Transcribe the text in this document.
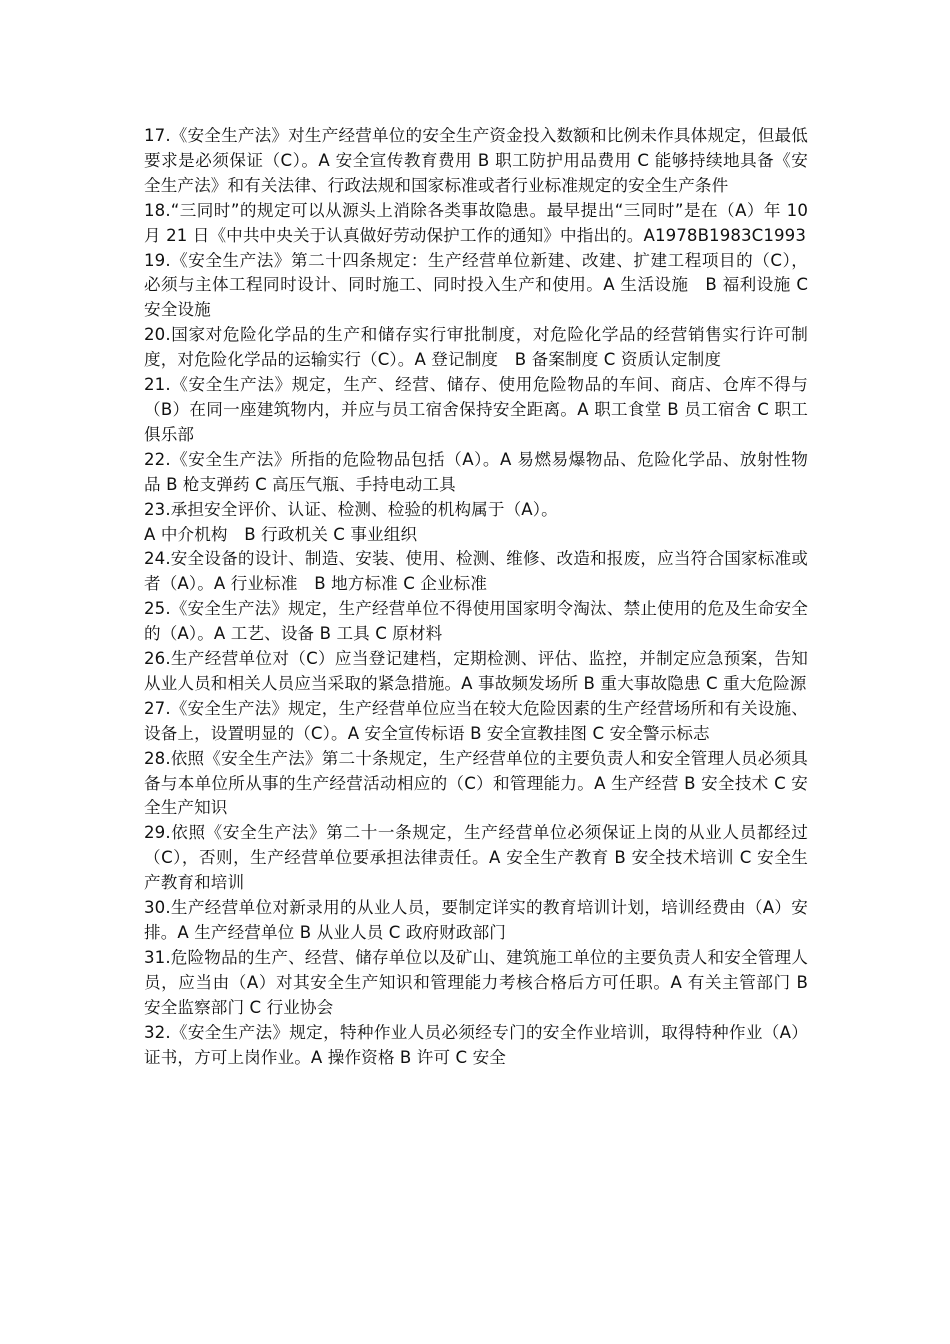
17.《安全生产法》对生产经营单位的安全生产资金投入数额和比例未作具体规定，但最低要求是必须保证（C）。A 安全宣传教育费用 B 职工防护用品费用 C 能够持续地具备《安全生产法》和有关法律、行政法规和国家标准或者行业标准规定的安全生产条件

18.“三同时”的规定可以从源头上消除各类事故隐患。最早提出“三同时”是在（A）年 10 月 21 日《中共中央关于认真做好劳动保护工作的通知》中指出的。A1978B1983C1993

19.《安全生产法》第二十四条规定：生产经营单位新建、改建、扩建工程项目的（C），必须与主体工程同时设计、同时施工、同时投入生产和使用。A 生活设施　B 福利设施 C 安全设施

20.国家对危险化学品的生产和储存实行审批制度，对危险化学品的经营销售实行许可制度，对危险化学品的运输实行（C）。A 登记制度　B 备案制度 C 资质认定制度

21.《安全生产法》规定，生产、经营、储存、使用危险物品的车间、商店、仓库不得与（B）在同一座建筑物内，并应与员工宿舍保持安全距离。A 职工食堂 B 员工宿舍 C 职工俱乐部

22.《安全生产法》所指的危险物品包括（A）。A 易燃易爆物品、危险化学品、放射性物品 B 枪支弹药 C 高压气瓶、手持电动工具

23.承担安全评价、认证、检测、检验的机构属于（A）。

A 中介机构　B 行政机关 C 事业组织

24.安全设备的设计、制造、安装、使用、检测、维修、改造和报废，应当符合国家标准或者（A）。A 行业标准　B 地方标准 C 企业标准

25.《安全生产法》规定，生产经营单位不得使用国家明令淘汰、禁止使用的危及生命安全的（A）。A 工艺、设备 B 工具 C 原材料

26.生产经营单位对（C）应当登记建档，定期检测、评估、监控，并制定应急预案，告知从业人员和相关人员应当采取的紧急措施。A 事故频发场所 B 重大事故隐患 C 重大危险源

27.《安全生产法》规定，生产经营单位应当在较大危险因素的生产经营场所和有关设施、设备上，设置明显的（C）。A 安全宣传标语 B 安全宣教挂图 C 安全警示标志

28.依照《安全生产法》第二十条规定，生产经营单位的主要负责人和安全管理人员必须具备与本单位所从事的生产经营活动相应的（C）和管理能力。A 生产经营 B 安全技术 C 安全生产知识

29.依照《安全生产法》第二十一条规定，生产经营单位必须保证上岗的从业人员都经过（C），否则，生产经营单位要承担法律责任。A 安全生产教育 B 安全技术培训 C 安全生产教育和培训

30.生产经营单位对新录用的从业人员，要制定详实的教育培训计划，培训经费由（A）安排。A 生产经营单位 B 从业人员 C 政府财政部门

31.危险物品的生产、经营、储存单位以及矿山、建筑施工单位的主要负责人和安全管理人员，应当由（A）对其安全生产知识和管理能力考核合格后方可任职。A 有关主管部门 B 安全监察部门 C 行业协会

32.《安全生产法》规定，特种作业人员必须经专门的安全作业培训，取得特种作业（A）证书，方可上岗作业。A 操作资格 B 许可 C 安全
